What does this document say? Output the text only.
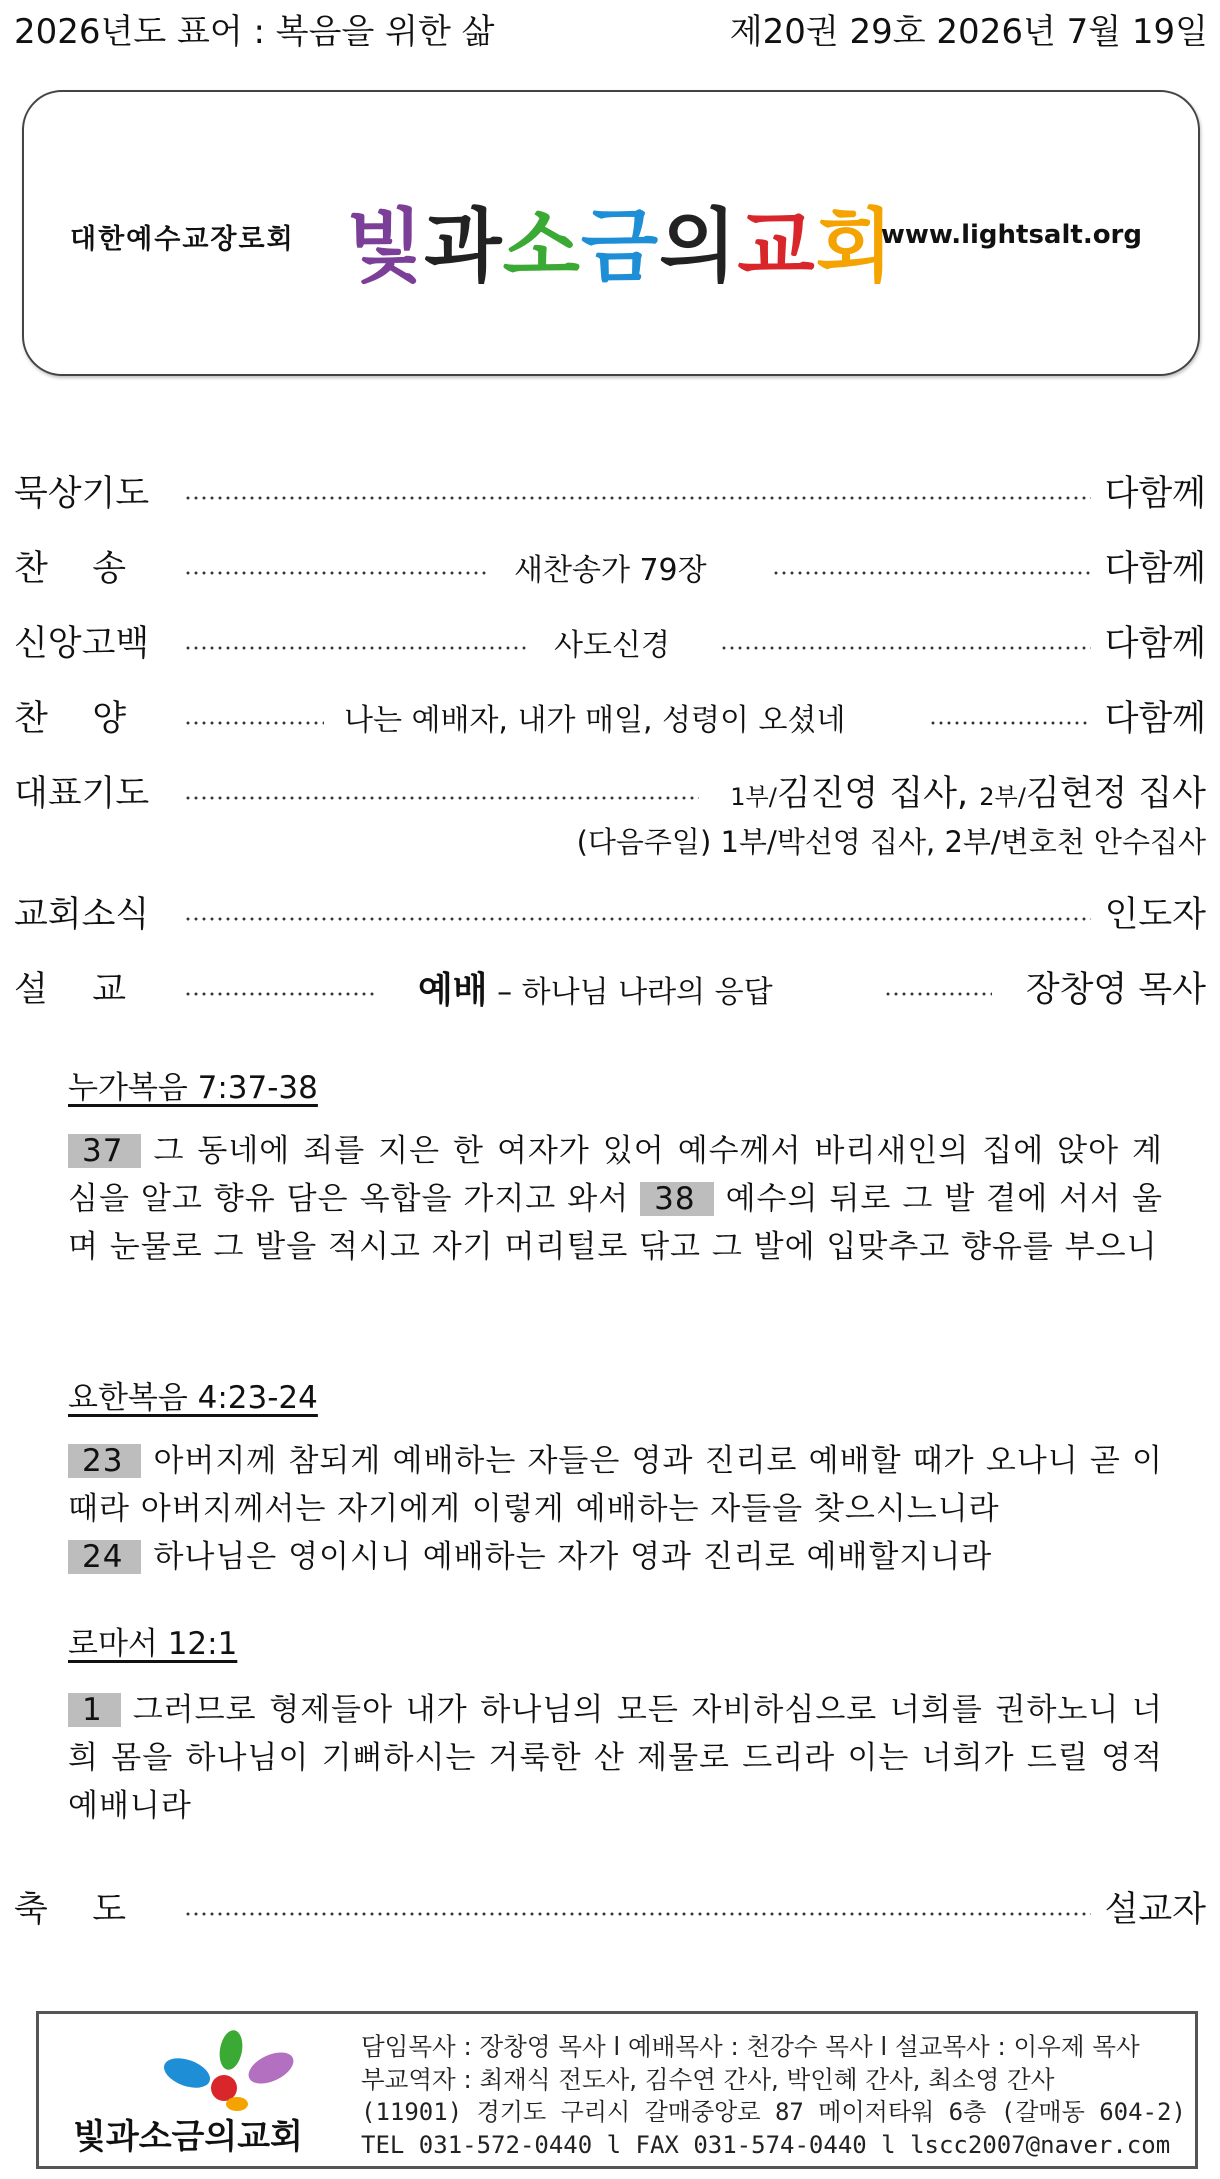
2026년도 표어 : 복음을 위한 삶	제20권 29호 2026년 7월 19일
대한예수교장로회 빛과소금의교회
www.lightsalt.org
묵상기도	다함께
찬    송	새찬송가 79장	다함께
신앙고백	사도신경	다함께
찬    양	나는 예배자, 내가 매일, 성령이 오셨네	다함께
대표기도	1부/김진영 집사, 2부/김현정 집사
(다음주일) 1부/박선영 집사, 2부/변호천 안수집사
교회소식	인도자
설    교	예배 – 하나님 나라의 응답	장창영 목사
누가복음 7:37-38
37 그 동네에 죄를 지은 한 여자가 있어 예수께서 바리새인의 집에 앉아 계심을 알고 향유 담은 옥합을 가지고 와서 38 예수의 뒤로 그 발 곁에 서서 울며 눈물로 그 발을 적시고 자기 머리털로 닦고 그 발에 입맞추고 향유를 부으니
요한복음 4:23-24
23 아버지께 참되게 예배하는 자들은 영과 진리로 예배할 때가 오나니 곧 이 때라 아버지께서는 자기에게 이렇게 예배하는 자들을 찾으시느니라
24 하나님은 영이시니 예배하는 자가 영과 진리로 예배할지니라
로마서 12:1
1 그러므로 형제들아 내가 하나님의 모든 자비하심으로 너희를 권하노니 너희 몸을 하나님이 기뻐하시는 거룩한 산 제물로 드리라 이는 너희가 드릴 영적 예배니라
축    도	설교자
빛과소금의교회
담임목사 : 장창영 목사 l 예배목사 : 천강수 목사 l 설교목사 : 이우제 목사
부교역자 : 최재식 전도사, 김수연 간사, 박인혜 간사, 최소영 간사
(11901) 경기도 구리시 갈매중앙로 87 메이저타워 6층 (갈매동 604-2)
TEL 031-572-0440 l FAX 031-574-0440 l lscc2007@naver.com
